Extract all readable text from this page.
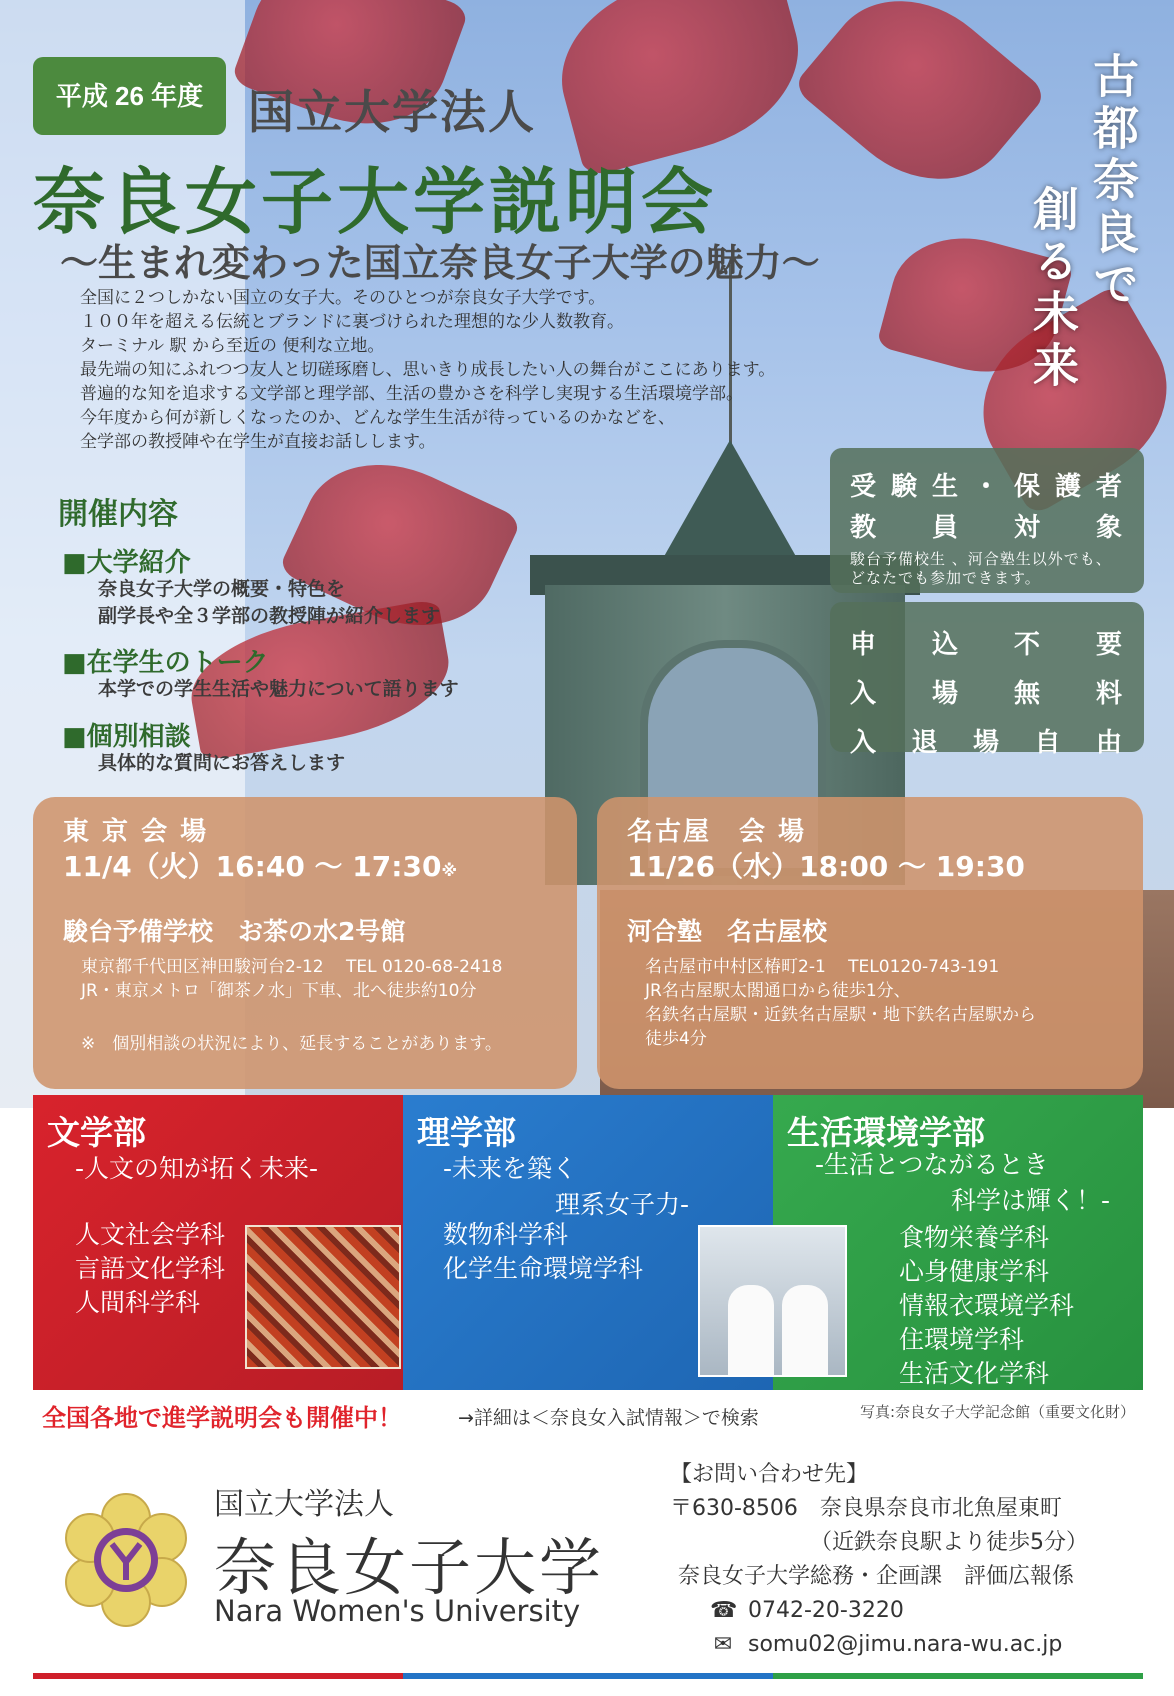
平成 26 年度 国立大学法人
奈良女子大学説明会
〜生まれ変わった国立奈良女子大学の魅力〜
全国に２つしかない国立の女子大。そのひとつが奈良女子大学です。
１００年を超える伝統とブランドに裏づけられた理想的な少人数教育。
ターミナル 駅 から至近の 便利な立地。
最先端の知にふれつつ友人と切磋琢磨し、思いきり成長したい人の舞台がここにあります。
普遍的な知を追求する文学部と理学部、生活の豊かさを科学し実現する生活環境学部。
今年度から何が新しくなったのか、どんな学生生活が待っているのかなどを、
全学部の教授陣や在学生が直接お話しします。
古都奈良で
創る未来
開催内容
■大学紹介
奈良女子大学の概要・特色を
副学長や全３学部の教授陣が紹介します
■在学生のトーク
本学での学生生活や魅力について語ります
■個別相談
具体的な質問にお答えします
受験生・保護者
教員対象
駿台予備校生 、河合塾生以外でも、
どなたでも参加できます。
申込不要
入場無料
入退場自由
東 京 会 場
11/4（火）16:40 〜 17:30※
駿台予備学校　お茶の水2号館
東京都千代田区神田駿河台2-12　 TEL 0120-68-2418
JR・東京メトロ「御茶ノ水」下車、北へ徒歩約10分
※　個別相談の状況により、延長することがあります。
名古屋　会 場
11/26（水）18:00 〜 19:30
河合塾　名古屋校
名古屋市中村区椿町2-1　 TEL0120-743-191
JR名古屋駅太閤通口から徒歩1分、
名鉄名古屋駅・近鉄名古屋駅・地下鉄名古屋駅から
徒歩4分
文学部
-人文の知が拓く未来-
人文社会学科
言語文化学科
人間科学科
理学部
-未来を築く
理系女子力-
数物科学科
化学生命環境学科
生活環境学部
-生活とつながるとき
科学は輝く！-
食物栄養学科
心身健康学科
情報衣環境学科
住環境学科
生活文化学科
全国各地で進学説明会も開催中！	→詳細は＜奈良女入試情報＞で検索	写真:奈良女子大学記念館（重要文化財）
国立大学法人
奈良女子大学
Nara Women's University
【お問い合わせ先】
〒630-8506　奈良県奈良市北魚屋東町
（近鉄奈良駅より徒歩5分）
奈良女子大学総務・企画課　評価広報係
☎ 0742-20-3220
✉ somu02@jimu.nara-wu.ac.jp
